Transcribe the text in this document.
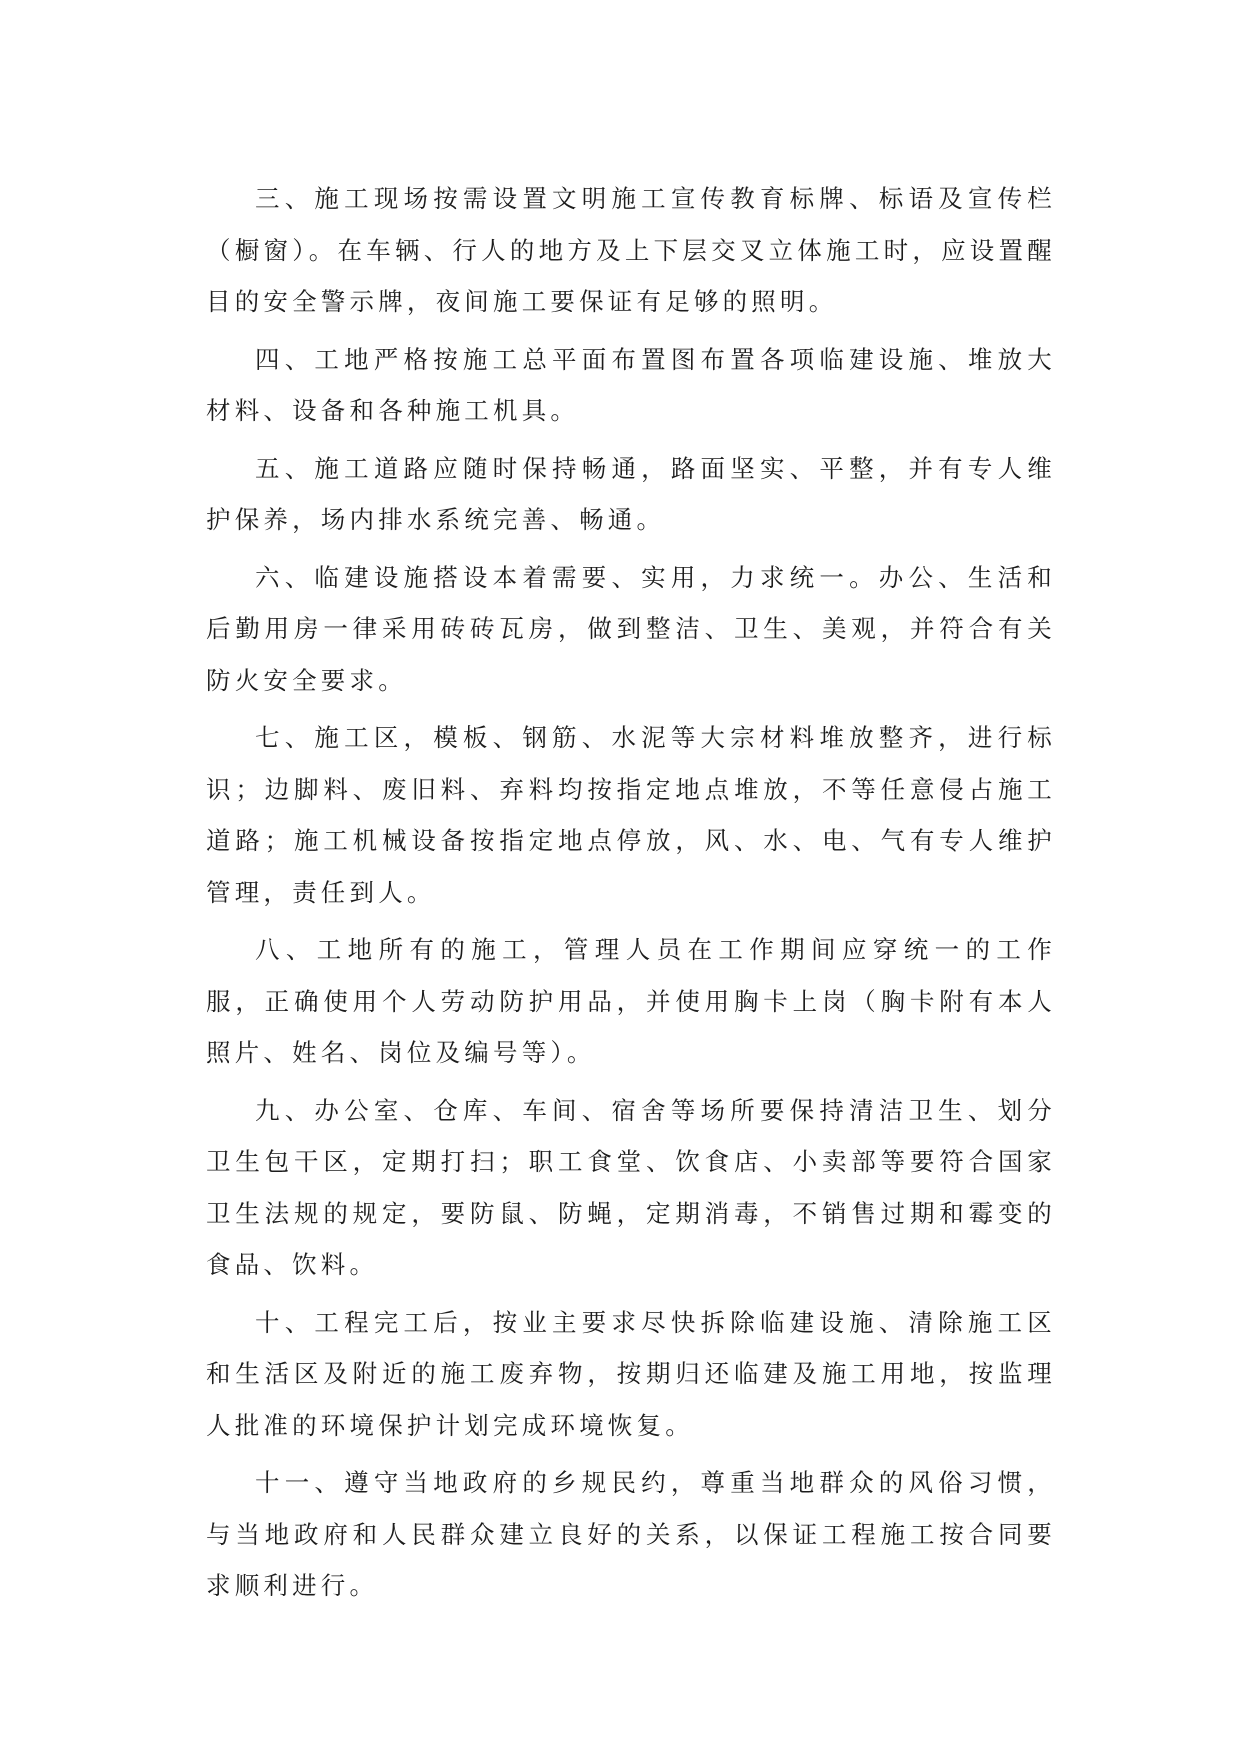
三、施工现场按需设置文明施工宣传教育标牌、标语及宣传栏（橱窗）。在车辆、行人的地方及上下层交叉立体施工时，应设置醒目的安全警示牌，夜间施工要保证有足够的照明。

四、工地严格按施工总平面布置图布置各项临建设施、堆放大材料、设备和各种施工机具。

五、施工道路应随时保持畅通，路面坚实、平整，并有专人维护保养，场内排水系统完善、畅通。

六、临建设施搭设本着需要、实用，力求统一。办公、生活和后勤用房一律采用砖砖瓦房，做到整洁、卫生、美观，并符合有关防火安全要求。

七、施工区，模板、钢筋、水泥等大宗材料堆放整齐，进行标识；边脚料、废旧料、弃料均按指定地点堆放，不等任意侵占施工道路；施工机械设备按指定地点停放，风、水、电、气有专人维护管理，责任到人。

八、工地所有的施工，管理人员在工作期间应穿统一的工作服，正确使用个人劳动防护用品，并使用胸卡上岗（胸卡附有本人照片、姓名、岗位及编号等）。

九、办公室、仓库、车间、宿舍等场所要保持清洁卫生、划分卫生包干区，定期打扫；职工食堂、饮食店、小卖部等要符合国家卫生法规的规定，要防鼠、防蝇，定期消毒，不销售过期和霉变的食品、饮料。

十、工程完工后，按业主要求尽快拆除临建设施、清除施工区和生活区及附近的施工废弃物，按期归还临建及施工用地，按监理人批准的环境保护计划完成环境恢复。

十一、遵守当地政府的乡规民约，尊重当地群众的风俗习惯，与当地政府和人民群众建立良好的关系，以保证工程施工按合同要求顺利进行。
